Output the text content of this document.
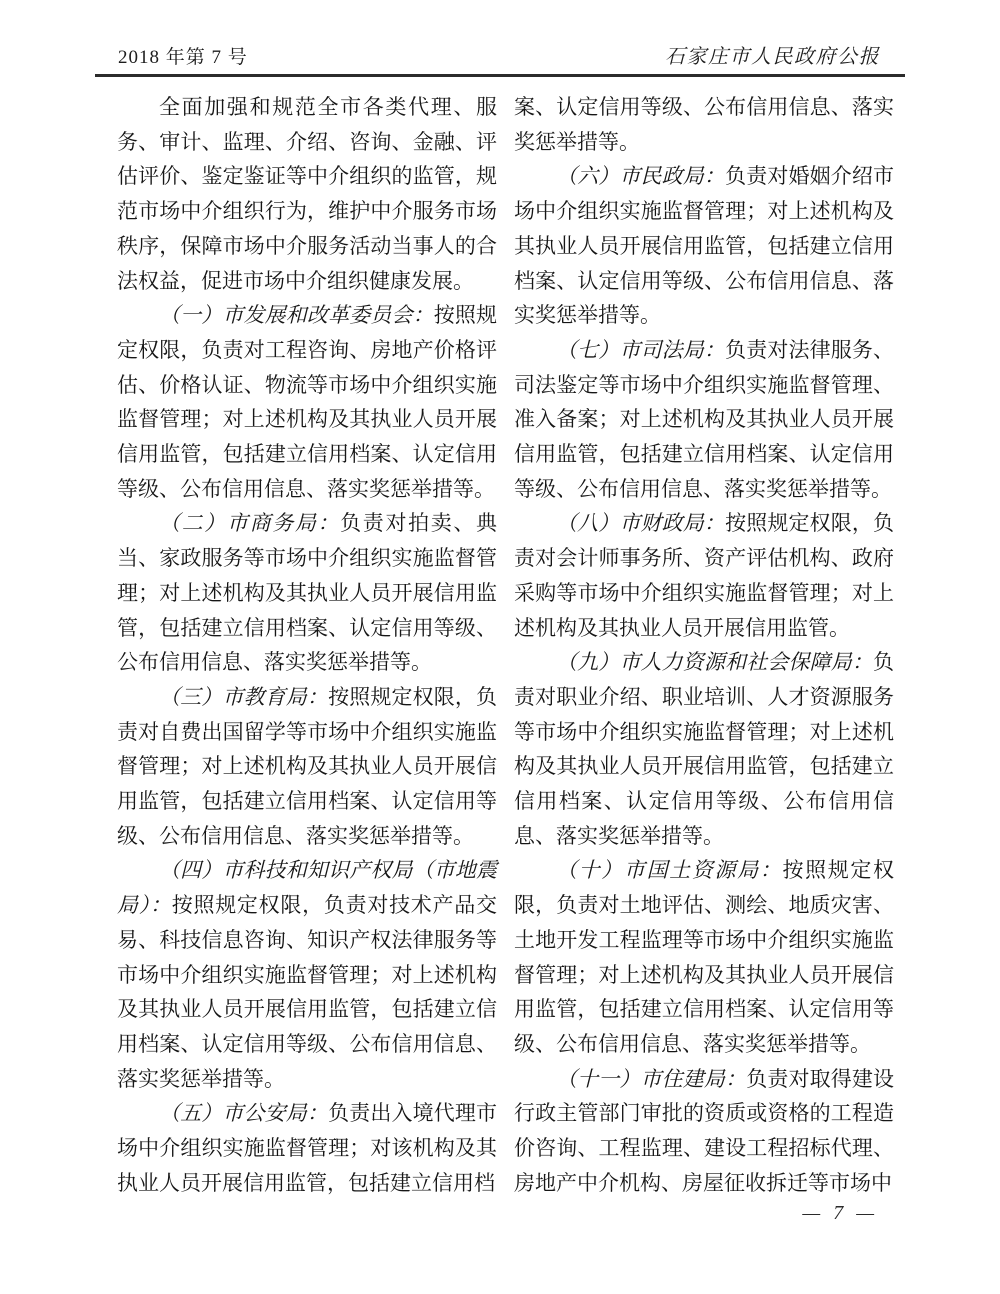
2018 年第 7 号	石家庄市人民政府公报

全面加强和规范全市各类代理、服务、审计、监理、介绍、咨询、金融、评估评价、鉴定鉴证等中介组织的监管，规范市场中介组织行为，维护中介服务市场秩序，保障市场中介服务活动当事人的合法权益，促进市场中介组织健康发展。

（一）市发展和改革委员会：按照规定权限，负责对工程咨询、房地产价格评估、价格认证、物流等市场中介组织实施监督管理；对上述机构及其执业人员开展信用监管，包括建立信用档案、认定信用等级、公布信用信息、落实奖惩举措等。

（二）市商务局：负责对拍卖、典当、家政服务等市场中介组织实施监督管理；对上述机构及其执业人员开展信用监管，包括建立信用档案、认定信用等级、公布信用信息、落实奖惩举措等。

（三）市教育局：按照规定权限，负责对自费出国留学等市场中介组织实施监督管理；对上述机构及其执业人员开展信用监管，包括建立信用档案、认定信用等级、公布信用信息、落实奖惩举措等。

（四）市科技和知识产权局（市地震局）：按照规定权限，负责对技术产品交易、科技信息咨询、知识产权法律服务等市场中介组织实施监督管理；对上述机构及其执业人员开展信用监管，包括建立信用档案、认定信用等级、公布信用信息、落实奖惩举措等。

（五）市公安局：负责出入境代理市场中介组织实施监督管理；对该机构及其执业人员开展信用监管，包括建立信用档

案、认定信用等级、公布信用信息、落实奖惩举措等。

（六）市民政局：负责对婚姻介绍市场中介组织实施监督管理；对上述机构及其执业人员开展信用监管，包括建立信用档案、认定信用等级、公布信用信息、落实奖惩举措等。

（七）市司法局：负责对法律服务、司法鉴定等市场中介组织实施监督管理、准入备案；对上述机构及其执业人员开展信用监管，包括建立信用档案、认定信用等级、公布信用信息、落实奖惩举措等。

（八）市财政局：按照规定权限，负责对会计师事务所、资产评估机构、政府采购等市场中介组织实施监督管理；对上述机构及其执业人员开展信用监管。

（九）市人力资源和社会保障局：负责对职业介绍、职业培训、人才资源服务等市场中介组织实施监督管理；对上述机构及其执业人员开展信用监管，包括建立信用档案、认定信用等级、公布信用信息、落实奖惩举措等。

（十）市国土资源局：按照规定权限，负责对土地评估、测绘、地质灾害、土地开发工程监理等市场中介组织实施监督管理；对上述机构及其执业人员开展信用监管，包括建立信用档案、认定信用等级、公布信用信息、落实奖惩举措等。

（十一）市住建局：负责对取得建设行政主管部门审批的资质或资格的工程造价咨询、工程监理、建设工程招标代理、房地产中介机构、房屋征收拆迁等市场中

— 7 —
